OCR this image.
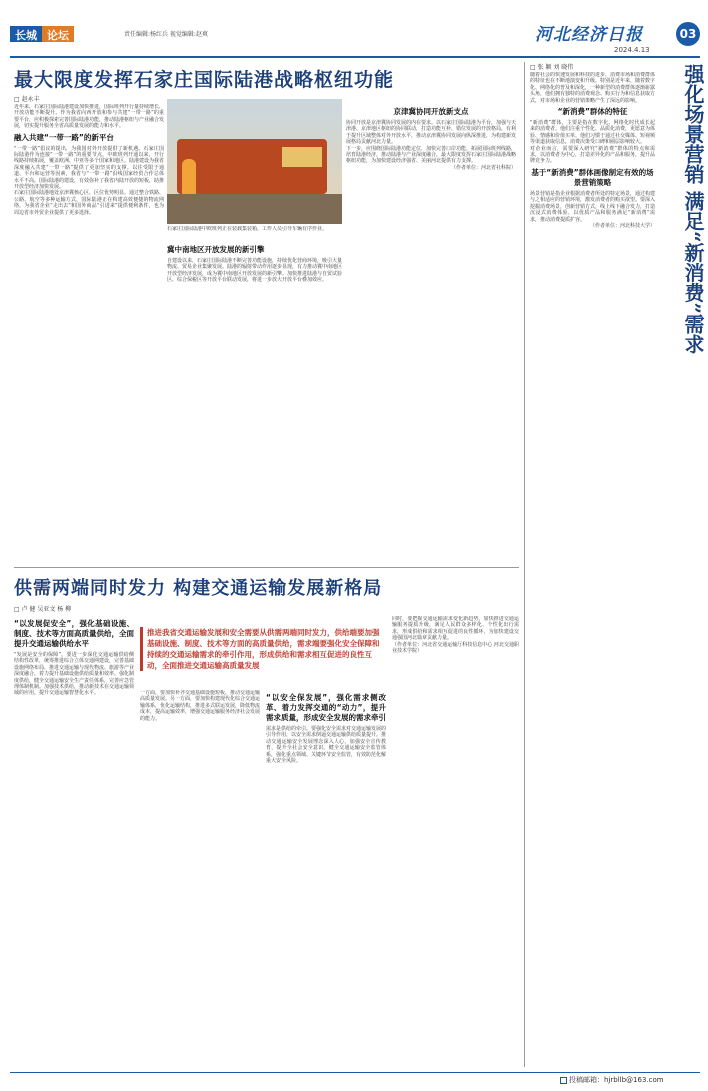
长城 论坛	责任编辑:杨红兵 视觉编辑:赵爽	河北经济日报	03
2024.4.13
最大限度发挥石家庄国际陆港战略枢纽功能
□ 赵永丰
近年来，石家庄国际陆港建设加快推进，国际班列开行量持续增长，开放功能不断提升。作为我省向西开放和参与共建“一带一路”的重要平台，应积极探索完善国际陆港功能，推动陆港枢纽与产业融合发展，切实提升服务全省高质量发展的能力和水平。
融入共建“一带一路”的新平台
“一带一路”倡议的提出，为我国对外开放提供了新机遇。石家庄国际陆港作为连接“一带一路”的重要节点，中欧班列开通以来，开行线路持续拓展，覆盖欧洲、中亚等多个国家和地区。陆港建设为我省深度融入共建“一带一路”提供了更加坚实的支撑。以往受限于通道、平台和运营等因素，我省与“一带一路”沿线国家经贸合作总体水平不高。国际陆港的建设，有效弥补了我省内陆开放的短板，助推开放型经济加快发展。
石家庄国际陆港地处京津冀核心区，区位优势明显。通过整合铁路、公路、航空等多种运输方式，国际陆港正在构建高效便捷的物流网络，为我省企业“走出去”和国外商品“引进来”提供便利条件，也为周边省市外贸企业提供了更多选择。
石家庄国际陆港中欧班列正在装载集装箱，工作人员引导车辆有序作业。
冀中南地区开放发展的新引擎
自建设以来，石家庄国际陆港不断完善功能设施，持续优化营商环境，吸引大量物流、贸易企业集聚发展。陆港的辐射带动作用逐步显现，有力推动冀中南地区开放型经济发展，成为冀中南地区开放发展的新引擎。加快推进陆港与自贸试验区、综合保税区等开放平台联动发展，将进一步放大开放平台叠加效应。
京津冀协同开放新支点
协同开放是京津冀协同发展的内在要求。以石家庄国际陆港为平台，加强与天津港、京津地区枢纽的协同联动，打造功能互补、错位发展的开放格局，有利于提升区域整体对外开放水平，推动京津冀协同发展向纵深推进，为构建新发展格局贡献河北力量。
下一步，应围绕国际陆港功能定位，加快完善口岸功能，拓展国际班列线路，培育陆港经济，推动陆港与产业深度融合，最大限度发挥石家庄国际陆港战略枢纽功能，为加快建设经济强省、美丽河北提供有力支撑。
（作者单位：河北省社科院）
供需两端同时发力 构建交通运输发展新格局
□ 卢 健 吴亚文 杨 柳
推进我省交通运输发展和安全需要从供需两端同时发力，供给端要加强基础设施、制度、技术等方面的高质量供给，需求端要强化安全保障和持续的交通运输需求的牵引作用，形成供给和需求相互促进的良性互动，全面推进交通运输高质量发展
“以发展促安全”，强化基础设施、制度、技术等方面高质量供给，全面提升交通运输供给水平
“发展是安全的保障”。要进一步深化交通运输供给侧结构性改革，统筹推进综合立体交通网建设，完善基础设施网络布局，推进交通运输与现代物流、旅游等产业深度融合，着力提升基础设施供给质量和效率。强化制度供给，健全交通运输安全生产责任体系，完善应急管理体制机制。加强技术供给，推动新技术在交通运输领域的应用，提升交通运输智慧化水平。	一方面，要加快补齐交通基础设施短板，推动交通运输高质量发展。另一方面，要加快构建现代化综合交通运输体系，优化运输结构，推进多式联运发展，降低物流成本，提高运输效率，增强交通运输服务经济社会发展的能力。
“以安全保发展”，强化需求侧改革、着力发挥交通的“动力”，提升需求质量，形成安全发展的需求牵引
需求是供给的牵引。要强化安全需求对交通运输发展的引导作用，以安全需求倒逼交通运输供给质量提升。推动交通运输安全发展理念深入人心，加强安全宣传教育，提升全社会安全意识。健全交通运输安全监管体系，强化重点领域、关键环节安全监管，有效防范化解重大安全风险。
同时，要把握交通运输需求变化新趋势，加快推进交通运输服务提质升级，满足人民群众多样化、个性化出行需求，形成供给和需求相互促进的良性循环，为加快建设交通强国河北篇章贡献力量。
（作者单位：河北省交通运输厅科技信息中心 河北交通职业技术学院）
强化场景营销 满足“新消费”需求
□ 张 颖 刘 晓伟
随着社会的快速发展和科技的进步，消费市场和消费群体的特征也在不断地演变和升级。特别是近年来，随着数字化、网络化的普及和深化，一种新型的消费群体逐渐崭露头角，他们拥有独特的消费观念、购买行为和信息获取方式，对市场和企业的营销策略产生了深远的影响。
“新消费”群体的特征
“新消费”群体，主要是指在数字化、网络化时代成长起来的消费者。他们注重个性化、品质化消费，更愿意为体验、情感和价值买单。他们习惯于通过社交媒体、短视频等渠道获取信息，消费决策受口碑和圈层影响较大。
对企业而言，需要深入研究“新消费”群体的特点和需求，以消费者为中心，打造差异化的产品和服务，提升品牌竞争力。
基于“新消费”群体画像制定有效的场景营销策略
场景营销是指企业根据消费者所处的特定场景，通过构建与之相适应的营销环境，激发消费者的购买欲望。要深入挖掘消费场景，创新营销方式，线上线下融合发力，打造沉浸式消费体验，以优质产品和服务满足“新消费”需求，推动消费提质扩容。
（作者单位：河北科技大学）
投稿邮箱：hjrbllb@163.com
